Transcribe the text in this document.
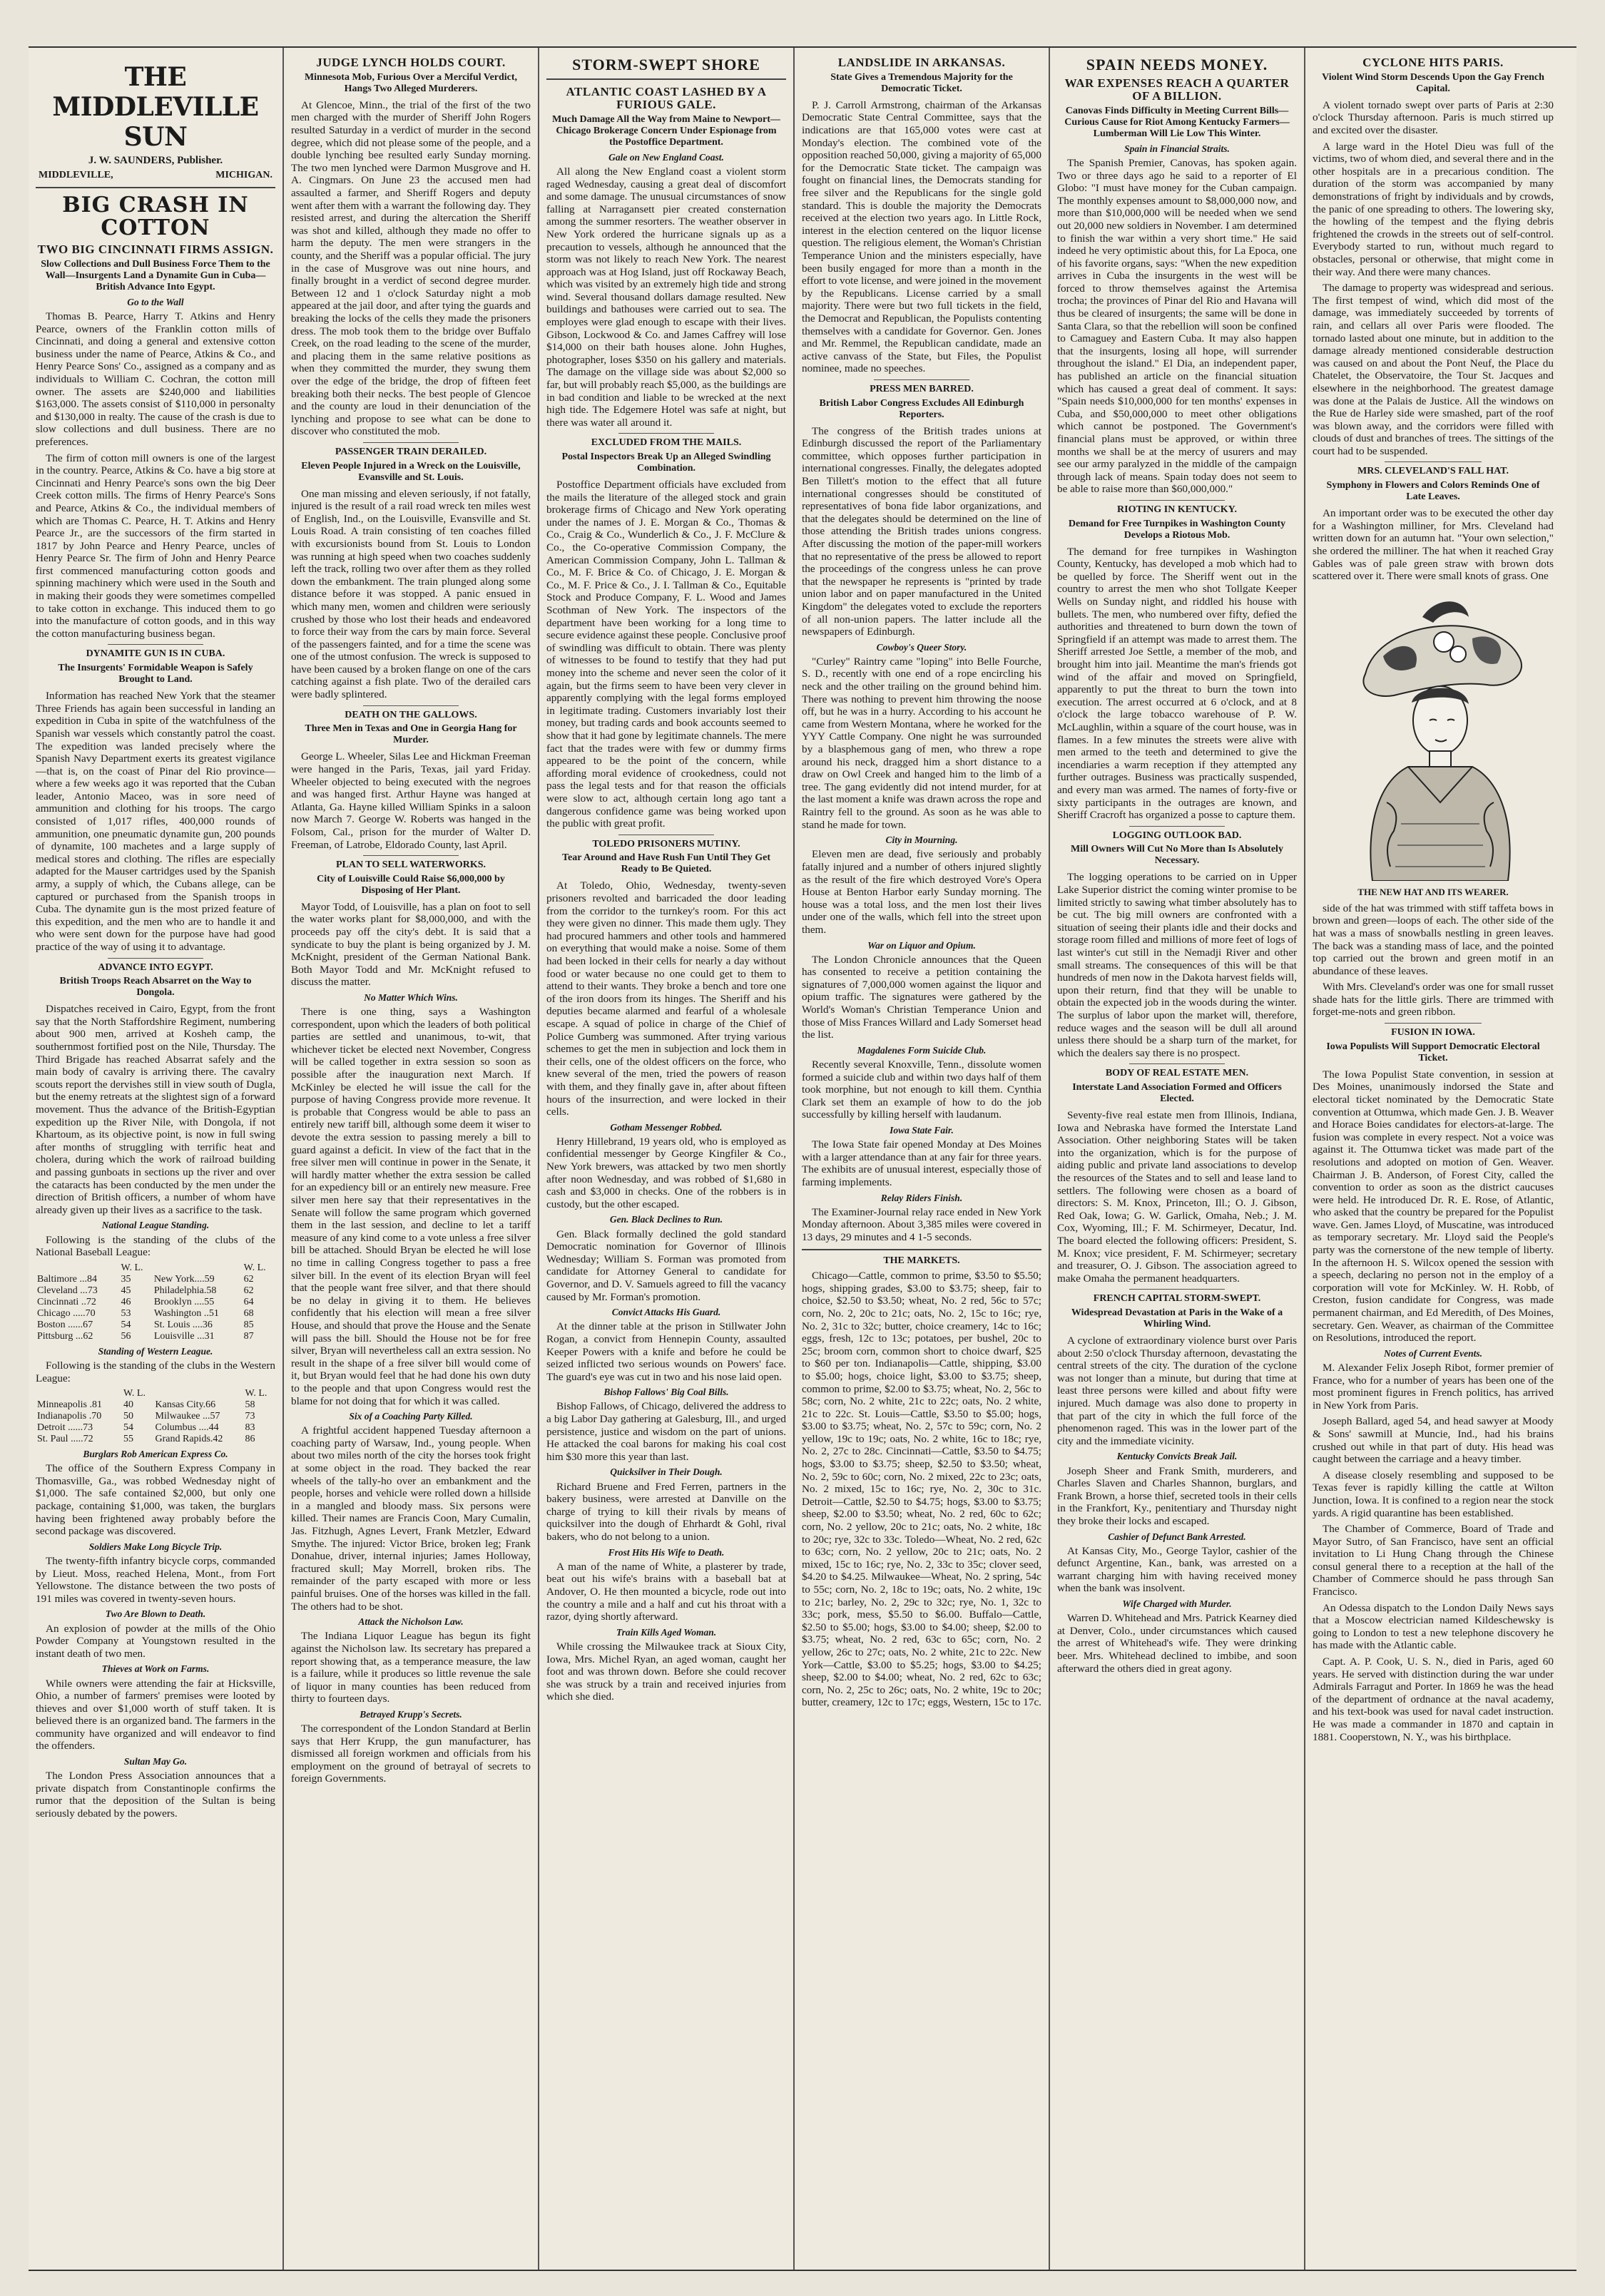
THE MIDDLEVILLE SUN
J. W. SAUNDERS, Publisher.
MIDDLEVILLE,	MICHIGAN.
BIG CRASH IN COTTON
TWO BIG CINCINNATI FIRMS ASSIGN.
Slow Collections and Dull Business Force Them to the Wall—Insurgents Land a Dynamite Gun in Cuba—British Advance Into Egypt.
Go to the Wall

Thomas B. Pearce, Harry T. Atkins and Henry Pearce, owners of the Franklin cotton mills of Cincinnati, and doing a general and extensive cotton business under the name of Pearce, Atkins & Co., and Henry Pearce Sons' Co., assigned as a company and as individuals to William C. Cochran, the cotton mill owner. The assets are $240,000 and liabilities $163,000. The assets consist of $110,000 in personalty and $130,000 in realty. The cause of the crash is due to slow collections and dull business. There are no preferences.

The firm of cotton mill owners is one of the largest in the country. Pearce, Atkins & Co. have a big store at Cincinnati and Henry Pearce's sons own the big Deer Creek cotton mills. The firms of Henry Pearce's Sons and Pearce, Atkins & Co., the individual members of which are Thomas C. Pearce, H. T. Atkins and Henry Pearce Jr., are the successors of the firm started in 1817 by John Pearce and Henry Pearce, uncles of Henry Pearce Sr. The firm of John and Henry Pearce first commenced manufacturing cotton goods and spinning machinery which were used in the South and in making their goods they were sometimes compelled to take cotton in exchange. This induced them to go into the manufacture of cotton goods, and in this way the cotton manufacturing business began.

DYNAMITE GUN IS IN CUBA.
The Insurgents' Formidable Weapon is Safely Brought to Land.

Information has reached New York that the steamer Three Friends has again been successful in landing an expedition in Cuba in spite of the watchfulness of the Spanish war vessels which constantly patrol the coast. The expedition was landed precisely where the Spanish Navy Department exerts its greatest vigilance—that is, on the coast of Pinar del Rio province—where a few weeks ago it was reported that the Cuban leader, Antonio Maceo, was in sore need of ammunition and clothing for his troops. The cargo consisted of 1,017 rifles, 400,000 rounds of ammunition, one pneumatic dynamite gun, 200 pounds of dynamite, 100 machetes and a large supply of medical stores and clothing. The rifles are especially adapted for the Mauser cartridges used by the Spanish army, a supply of which, the Cubans allege, can be captured or purchased from the Spanish troops in Cuba. The dynamite gun is the most prized feature of this expedition, and the men who are to handle it and who were sent down for the purpose have had good practice of the way of using it to advantage.

ADVANCE INTO EGYPT.
British Troops Reach Absarret on the Way to Dongola.

Dispatches received in Cairo, Egypt, from the front say that the North Staffordshire Regiment, numbering about 900 men, arrived at Kosheh camp, the southernmost fortified post on the Nile, Thursday. The Third Brigade has reached Absarrat safely and the main body of cavalry is arriving there. The cavalry scouts report the dervishes still in view south of Dugla, but the enemy retreats at the slightest sign of a forward movement. Thus the advance of the British-Egyptian expedition up the River Nile, with Dongola, if not Khartoum, as its objective point, is now in full swing after months of struggling with terrific heat and cholera, during which the work of railroad building and passing gunboats in sections up the river and over the cataracts has been conducted by the men under the direction of British officers, a number of whom have already given up their lives as a sacrifice to the task.

National League Standing.

Following is the standing of the clubs of the National Baseball League:

	W. L.		W. L.
Baltimore ...84	35	New York....59	62
Cleveland ...73	45	Philadelphia.58	62
Cincinnati ..72	46	Brooklyn ....55	64
Chicago .....70	53	Washington ..51	68
Boston ......67	54	St. Louis ....36	85
Pittsburg ...62	56	Louisville ...31	87
Standing of Western League.

Following is the standing of the clubs in the Western League:

	W. L.		W. L.
Minneapolis .81	40	Kansas City.66	58
Indianapolis .70	50	Milwaukee ...57	73
Detroit ......73	54	Columbus ....44	83
St. Paul .....72	55	Grand Rapids.42	86
Burglars Rob American Express Co.

The office of the Southern Express Company in Thomasville, Ga., was robbed Wednesday night of $1,000. The safe contained $2,000, but only one package, containing $1,000, was taken, the burglars having been frightened away probably before the second package was discovered.

Soldiers Make Long Bicycle Trip.

The twenty-fifth infantry bicycle corps, commanded by Lieut. Moss, reached Helena, Mont., from Fort Yellowstone. The distance between the two posts of 191 miles was covered in twenty-seven hours.

Two Are Blown to Death.

An explosion of powder at the mills of the Ohio Powder Company at Youngstown resulted in the instant death of two men.

Thieves at Work on Farms.

While owners were attending the fair at Hicksville, Ohio, a number of farmers' premises were looted by thieves and over $1,000 worth of stuff taken. It is believed there is an organized band. The farmers in the community have organized and will endeavor to find the offenders.

Sultan May Go.

The London Press Association announces that a private dispatch from Constantinople confirms the rumor that the deposition of the Sultan is being seriously debated by the powers.

JUDGE LYNCH HOLDS COURT.
Minnesota Mob, Furious Over a Merciful Verdict, Hangs Two Alleged Murderers.

At Glencoe, Minn., the trial of the first of the two men charged with the murder of Sheriff John Rogers resulted Saturday in a verdict of murder in the second degree, which did not please some of the people, and a double lynching bee resulted early Sunday morning. The two men lynched were Darmon Musgrove and H. A. Cingmars. On June 23 the accused men had assaulted a farmer, and Sheriff Rogers and deputy went after them with a warrant the following day. They resisted arrest, and during the altercation the Sheriff was shot and killed, although they made no offer to harm the deputy. The men were strangers in the county, and the Sheriff was a popular official. The jury in the case of Musgrove was out nine hours, and finally brought in a verdict of second degree murder. Between 12 and 1 o'clock Saturday night a mob appeared at the jail door, and after tying the guards and breaking the locks of the cells they made the prisoners dress. The mob took them to the bridge over Buffalo Creek, on the road leading to the scene of the murder, and placing them in the same relative positions as when they committed the murder, they swung them over the edge of the bridge, the drop of fifteen feet breaking both their necks. The best people of Glencoe and the county are loud in their denunciation of the lynching and propose to see what can be done to discover who constituted the mob.

PASSENGER TRAIN DERAILED.
Eleven People Injured in a Wreck on the Louisville, Evansville and St. Louis.

One man missing and eleven seriously, if not fatally, injured is the result of a rail road wreck ten miles west of English, Ind., on the Louisville, Evansville and St. Louis Road. A train consisting of ten coaches filled with excursionists bound from St. Louis to London was running at high speed when two coaches suddenly left the track, rolling two over after them as they rolled down the embankment. The train plunged along some distance before it was stopped. A panic ensued in which many men, women and children were seriously crushed by those who lost their heads and endeavored to force their way from the cars by main force. Several of the passengers fainted, and for a time the scene was one of the utmost confusion. The wreck is supposed to have been caused by a broken flange on one of the cars catching against a fish plate. Two of the derailed cars were badly splintered.

DEATH ON THE GALLOWS.
Three Men in Texas and One in Georgia Hang for Murder.

George L. Wheeler, Silas Lee and Hickman Freeman were hanged in the Paris, Texas, jail yard Friday. Wheeler objected to being executed with the negroes and was hanged first. Arthur Hayne was hanged at Atlanta, Ga. Hayne killed William Spinks in a saloon now March 7. George W. Roberts was hanged in the Folsom, Cal., prison for the murder of Walter D. Freeman, of Latrobe, Eldorado County, last April.

PLAN TO SELL WATERWORKS.
City of Louisville Could Raise $6,000,000 by Disposing of Her Plant.

Mayor Todd, of Louisville, has a plan on foot to sell the water works plant for $8,000,000, and with the proceeds pay off the city's debt. It is said that a syndicate to buy the plant is being organized by J. M. McKnight, president of the German National Bank. Both Mayor Todd and Mr. McKnight refused to discuss the matter.

No Matter Which Wins.

There is one thing, says a Washington correspondent, upon which the leaders of both political parties are settled and unanimous, to-wit, that whichever ticket be elected next November, Congress will be called together in extra session so soon as possible after the inauguration next March. If McKinley be elected he will issue the call for the purpose of having Congress provide more revenue. It is probable that Congress would be able to pass an entirely new tariff bill, although some deem it wiser to devote the extra session to passing merely a bill to guard against a deficit. In view of the fact that in the free silver men will continue in power in the Senate, it will hardly matter whether the extra session be called for an expediency bill or an entirely new measure. Free silver men here say that their representatives in the Senate will follow the same program which governed them in the last session, and decline to let a tariff measure of any kind come to a vote unless a free silver bill be attached. Should Bryan be elected he will lose no time in calling Congress together to pass a free silver bill. In the event of its election Bryan will feel that the people want free silver, and that there should be no delay in giving it to them. He believes confidently that his election will mean a free silver House, and should that prove the House and the Senate will pass the bill. Should the House not be for free silver, Bryan will nevertheless call an extra session. No result in the shape of a free silver bill would come of it, but Bryan would feel that he had done his own duty to the people and that upon Congress would rest the blame for not doing that for which it was called.

Six of a Coaching Party Killed.

A frightful accident happened Tuesday afternoon a coaching party of Warsaw, Ind., young people. When about two miles north of the city the horses took fright at some object in the road. They backed the rear wheels of the tally-ho over an embankment and the people, horses and vehicle were rolled down a hillside in a mangled and bloody mass. Six persons were killed. Their names are Francis Coon, Mary Cumalin, Jas. Fitzhugh, Agnes Levert, Frank Metzler, Edward Smythe. The injured: Victor Brice, broken leg; Frank Donahue, driver, internal injuries; James Holloway, fractured skull; May Morrell, broken ribs. The remainder of the party escaped with more or less painful bruises. One of the horses was killed in the fall. The others had to be shot.

Attack the Nicholson Law.

The Indiana Liquor League has begun its fight against the Nicholson law. Its secretary has prepared a report showing that, as a temperance measure, the law is a failure, while it produces so little revenue the sale of liquor in many counties has been reduced from thirty to fourteen days.

Betrayed Krupp's Secrets.

The correspondent of the London Standard at Berlin says that Herr Krupp, the gun manufacturer, has dismissed all foreign workmen and officials from his employment on the ground of betrayal of secrets to foreign Governments.

STORM-SWEPT SHORE
ATLANTIC COAST LASHED BY A FURIOUS GALE.
Much Damage All the Way from Maine to Newport—Chicago Brokerage Concern Under Espionage from the Postoffice Department.
Gale on New England Coast.

All along the New England coast a violent storm raged Wednesday, causing a great deal of discomfort and some damage. The unusual circumstances of snow falling at Narragansett pier created consternation among the summer resorters. The weather observer in New York ordered the hurricane signals up as a precaution to vessels, although he announced that the storm was not likely to reach New York. The nearest approach was at Hog Island, just off Rockaway Beach, which was visited by an extremely high tide and strong wind. Several thousand dollars damage resulted. New buildings and bathouses were carried out to sea. The employes were glad enough to escape with their lives. Gibson, Lockwood & Co. and James Caffrey will lose $14,000 on their bath houses alone. John Hughes, photographer, loses $350 on his gallery and materials. The damage on the village side was about $2,000 so far, but will probably reach $5,000, as the buildings are in bad condition and liable to be wrecked at the next high tide. The Edgemere Hotel was safe at night, but there was water all around it.

EXCLUDED FROM THE MAILS.
Postal Inspectors Break Up an Alleged Swindling Combination.

Postoffice Department officials have excluded from the mails the literature of the alleged stock and grain brokerage firms of Chicago and New York operating under the names of J. E. Morgan & Co., Thomas & Co., Craig & Co., Wunderlich & Co., J. F. McClure & Co., the Co-operative Commission Company, the American Commission Company, John L. Tallman & Co., M. F. Brice & Co. of Chicago, J. E. Morgan & Co., M. F. Price & Co., J. I. Tallman & Co., Equitable Stock and Produce Company, F. L. Wood and James Scothman of New York. The inspectors of the department have been working for a long time to secure evidence against these people. Conclusive proof of swindling was difficult to obtain. There was plenty of witnesses to be found to testify that they had put money into the scheme and never seen the color of it again, but the firms seem to have been very clever in apparently complying with the legal forms employed in legitimate trading. Customers invariably lost their money, but trading cards and book accounts seemed to show that it had gone by legitimate channels. The mere fact that the trades were with few or dummy firms appeared to be the point of the concern, while affording moral evidence of crookedness, could not pass the legal tests and for that reason the officials were slow to act, although certain long ago tant a dangerous confidence game was being worked upon the public with great profit.

TOLEDO PRISONERS MUTINY.
Tear Around and Have Rush Fun Until They Get Ready to Be Quieted.

At Toledo, Ohio, Wednesday, twenty-seven prisoners revolted and barricaded the door leading from the corridor to the turnkey's room. For this act they were given no dinner. This made them ugly. They had procured hammers and other tools and hammered on everything that would make a noise. Some of them had been locked in their cells for nearly a day without food or water because no one could get to them to attend to their wants. They broke a bench and tore one of the iron doors from its hinges. The Sheriff and his deputies became alarmed and fearful of a wholesale escape. A squad of police in charge of the Chief of Police Gumberg was summoned. After trying various schemes to get the men in subjection and lock them in their cells, one of the oldest officers on the force, who knew several of the men, tried the powers of reason with them, and they finally gave in, after about fifteen hours of the insurrection, and were locked in their cells.

Gotham Messenger Robbed.

Henry Hillebrand, 19 years old, who is employed as confidential messenger by George Kingfiler & Co., New York brewers, was attacked by two men shortly after noon Wednesday, and was robbed of $1,680 in cash and $3,000 in checks. One of the robbers is in custody, but the other escaped.

Gen. Black Declines to Run.

Gen. Black formally declined the gold standard Democratic nomination for Governor of Illinois Wednesday; William S. Forman was promoted from candidate for Attorney General to candidate for Governor, and D. V. Samuels agreed to fill the vacancy caused by Mr. Forman's promotion.

Convict Attacks His Guard.

At the dinner table at the prison in Stillwater John Rogan, a convict from Hennepin County, assaulted Keeper Powers with a knife and before he could be seized inflicted two serious wounds on Powers' face. The guard's eye was cut in two and his nose laid open.

Bishop Fallows' Big Coal Bills.

Bishop Fallows, of Chicago, delivered the address to a big Labor Day gathering at Galesburg, Ill., and urged persistence, justice and wisdom on the part of unions. He attacked the coal barons for making his coal cost him $30 more this year than last.

Quicksilver in Their Dough.

Richard Bruene and Fred Ferren, partners in the bakery business, were arrested at Danville on the charge of trying to kill their rivals by means of quicksilver into the dough of Ehrhardt & Gohl, rival bakers, who do not belong to a union.

Frost Hits His Wife to Death.

A man of the name of White, a plasterer by trade, beat out his wife's brains with a baseball bat at Andover, O. He then mounted a bicycle, rode out into the country a mile and a half and cut his throat with a razor, dying shortly afterward.

Train Kills Aged Woman.

While crossing the Milwaukee track at Sioux City, Iowa, Mrs. Michel Ryan, an aged woman, caught her foot and was thrown down. Before she could recover she was struck by a train and received injuries from which she died.

LANDSLIDE IN ARKANSAS.
State Gives a Tremendous Majority for the Democratic Ticket.

P. J. Carroll Armstrong, chairman of the Arkansas Democratic State Central Committee, says that the indications are that 165,000 votes were cast at Monday's election. The combined vote of the opposition reached 50,000, giving a majority of 65,000 for the Democratic State ticket. The campaign was fought on financial lines, the Democrats standing for free silver and the Republicans for the single gold standard. This is double the majority the Democrats received at the election two years ago. In Little Rock, interest in the election centered on the liquor license question. The religious element, the Woman's Christian Temperance Union and the ministers especially, have been busily engaged for more than a month in the effort to vote license, and were joined in the movement by the Republicans. License carried by a small majority. There were but two full tickets in the field, the Democrat and Republican, the Populists contenting themselves with a candidate for Governor. Gen. Jones and Mr. Remmel, the Republican candidate, made an active canvass of the State, but Files, the Populist nominee, made no speeches.

PRESS MEN BARRED.
British Labor Congress Excludes All Edinburgh Reporters.

The congress of the British trades unions at Edinburgh discussed the report of the Parliamentary committee, which opposes further participation in international congresses. Finally, the delegates adopted Ben Tillett's motion to the effect that all future international congresses should be constituted of representatives of bona fide labor organizations, and that the delegates should be determined on the line of those attending the British trades unions congress. After discussing the motion of the paper-mill workers that no representative of the press be allowed to report the proceedings of the congress unless he can prove that the newspaper he represents is "printed by trade union labor and on paper manufactured in the United Kingdom" the delegates voted to exclude the reporters of all non-union papers. The latter include all the newspapers of Edinburgh.

Cowboy's Queer Story.

"Curley" Raintry came "loping" into Belle Fourche, S. D., recently with one end of a rope encircling his neck and the other trailing on the ground behind him. There was nothing to prevent him throwing the noose off, but he was in a hurry. According to his account he came from Western Montana, where he worked for the YYY Cattle Company. One night he was surrounded by a blasphemous gang of men, who threw a rope around his neck, dragged him a short distance to a draw on Owl Creek and hanged him to the limb of a tree. The gang evidently did not intend murder, for at the last moment a knife was drawn across the rope and Raintry fell to the ground. As soon as he was able to stand he made for town.

City in Mourning.

Eleven men are dead, five seriously and probably fatally injured and a number of others injured slightly as the result of the fire which destroyed Vore's Opera House at Benton Harbor early Sunday morning. The house was a total loss, and the men lost their lives under one of the walls, which fell into the street upon them.

War on Liquor and Opium.

The London Chronicle announces that the Queen has consented to receive a petition containing the signatures of 7,000,000 women against the liquor and opium traffic. The signatures were gathered by the World's Woman's Christian Temperance Union and those of Miss Frances Willard and Lady Somerset head the list.

Magdalenes Form Suicide Club.

Recently several Knoxville, Tenn., dissolute women formed a suicide club and within two days half of them took morphine, but not enough to kill them. Cynthia Clark set them an example of how to do the job successfully by killing herself with laudanum.

Iowa State Fair.

The Iowa State fair opened Monday at Des Moines with a larger attendance than at any fair for three years. The exhibits are of unusual interest, especially those of farming implements.

Relay Riders Finish.

The Examiner-Journal relay race ended in New York Monday afternoon. About 3,385 miles were covered in 13 days, 29 minutes and 4 1-5 seconds.

THE MARKETS.

Chicago—Cattle, common to prime, $3.50 to $5.50; hogs, shipping grades, $3.00 to $3.75; sheep, fair to choice, $2.50 to $3.50; wheat, No. 2 red, 56c to 57c; corn, No. 2, 20c to 21c; oats, No. 2, 15c to 16c; rye, No. 2, 31c to 32c; butter, choice creamery, 14c to 16c; eggs, fresh, 12c to 13c; potatoes, per bushel, 20c to 25c; broom corn, common short to choice dwarf, $25 to $60 per ton. Indianapolis—Cattle, shipping, $3.00 to $5.00; hogs, choice light, $3.00 to $3.75; sheep, common to prime, $2.00 to $3.75; wheat, No. 2, 56c to 58c; corn, No. 2 white, 21c to 22c; oats, No. 2 white, 21c to 22c. St. Louis—Cattle, $3.50 to $5.00; hogs, $3.00 to $3.75; wheat, No. 2, 57c to 59c; corn, No. 2 yellow, 19c to 19c; oats, No. 2 white, 16c to 18c; rye, No. 2, 27c to 28c. Cincinnati—Cattle, $3.50 to $4.75; hogs, $3.00 to $3.75; sheep, $2.50 to $3.50; wheat, No. 2, 59c to 60c; corn, No. 2 mixed, 22c to 23c; oats, No. 2 mixed, 15c to 16c; rye, No. 2, 30c to 31c. Detroit—Cattle, $2.50 to $4.75; hogs, $3.00 to $3.75; sheep, $2.00 to $3.50; wheat, No. 2 red, 60c to 62c; corn, No. 2 yellow, 20c to 21c; oats, No. 2 white, 18c to 20c; rye, 32c to 33c. Toledo—Wheat, No. 2 red, 62c to 63c; corn, No. 2 yellow, 20c to 21c; oats, No. 2 mixed, 15c to 16c; rye, No. 2, 33c to 35c; clover seed, $4.20 to $4.25. Milwaukee—Wheat, No. 2 spring, 54c to 55c; corn, No. 2, 18c to 19c; oats, No. 2 white, 19c to 21c; barley, No. 2, 29c to 32c; rye, No. 1, 32c to 33c; pork, mess, $5.50 to $6.00. Buffalo—Cattle, $2.50 to $5.00; hogs, $3.00 to $4.00; sheep, $2.00 to $3.75; wheat, No. 2 red, 63c to 65c; corn, No. 2 yellow, 26c to 27c; oats, No. 2 white, 21c to 22c. New York—Cattle, $3.00 to $5.25; hogs, $3.00 to $4.25; sheep, $2.00 to $4.00; wheat, No. 2 red, 62c to 63c; corn, No. 2, 25c to 26c; oats, No. 2 white, 19c to 20c; butter, creamery, 12c to 17c; eggs, Western, 15c to 17c.

SPAIN NEEDS MONEY.
WAR EXPENSES REACH A QUARTER OF A BILLION.
Canovas Finds Difficulty in Meeting Current Bills—Curious Cause for Riot Among Kentucky Farmers—Lumberman Will Lie Low This Winter.
Spain in Financial Straits.

The Spanish Premier, Canovas, has spoken again. Two or three days ago he said to a reporter of El Globo: "I must have money for the Cuban campaign. The monthly expenses amount to $8,000,000 now, and more than $10,000,000 will be needed when we send out 20,000 new soldiers in November. I am determined to finish the war within a very short time." He said indeed he very optimistic about this, for La Epoca, one of his favorite organs, says: "When the new expedition arrives in Cuba the insurgents in the west will be forced to throw themselves against the Artemisa trocha; the provinces of Pinar del Rio and Havana will thus be cleared of insurgents; the same will be done in Santa Clara, so that the rebellion will soon be confined to Camaguey and Eastern Cuba. It may also happen that the insurgents, losing all hope, will surrender throughout the island." El Dia, an independent paper, has published an article on the financial situation which has caused a great deal of comment. It says: "Spain needs $10,000,000 for ten months' expenses in Cuba, and $50,000,000 to meet other obligations which cannot be postponed. The Government's financial plans must be approved, or within three months we shall be at the mercy of usurers and may see our army paralyzed in the middle of the campaign through lack of means. Spain today does not seem to be able to raise more than $60,000,000."

RIOTING IN KENTUCKY.
Demand for Free Turnpikes in Washington County Develops a Riotous Mob.

The demand for free turnpikes in Washington County, Kentucky, has developed a mob which had to be quelled by force. The Sheriff went out in the country to arrest the men who shot Tollgate Keeper Wells on Sunday night, and riddled his house with bullets. The men, who numbered over fifty, defied the authorities and threatened to burn down the town of Springfield if an attempt was made to arrest them. The Sheriff arrested Joe Settle, a member of the mob, and brought him into jail. Meantime the man's friends got wind of the affair and moved on Springfield, apparently to put the threat to burn the town into execution. The arrest occurred at 6 o'clock, and at 8 o'clock the large tobacco warehouse of P. W. McLaughlin, within a square of the court house, was in flames. In a few minutes the streets were alive with men armed to the teeth and determined to give the incendiaries a warm reception if they attempted any further outrages. Business was practically suspended, and every man was armed. The names of forty-five or sixty participants in the outrages are known, and Sheriff Cracroft has organized a posse to capture them.

LOGGING OUTLOOK BAD.
Mill Owners Will Cut No More than Is Absolutely Necessary.

The logging operations to be carried on in Upper Lake Superior district the coming winter promise to be limited strictly to sawing what timber absolutely has to be cut. The big mill owners are confronted with a situation of seeing their plants idle and their docks and storage room filled and millions of more feet of logs of last winter's cut still in the Nemadji River and other small streams. The consequences of this will be that hundreds of men now in the Dakota harvest fields will, upon their return, find that they will be unable to obtain the expected job in the woods during the winter. The surplus of labor upon the market will, therefore, reduce wages and the season will be dull all around unless there should be a sharp turn of the market, for which the dealers say there is no prospect.

BODY OF REAL ESTATE MEN.
Interstate Land Association Formed and Officers Elected.

Seventy-five real estate men from Illinois, Indiana, Iowa and Nebraska have formed the Interstate Land Association. Other neighboring States will be taken into the organization, which is for the purpose of aiding public and private land associations to develop the resources of the States and to sell and lease land to settlers. The following were chosen as a board of directors: S. M. Knox, Princeton, Ill.; O. J. Gibson, Red Oak, Iowa; G. W. Garlick, Omaha, Neb.; J. M. Cox, Wyoming, Ill.; F. M. Schirmeyer, Decatur, Ind. The board elected the following officers: President, S. M. Knox; vice president, F. M. Schirmeyer; secretary and treasurer, O. J. Gibson. The association agreed to make Omaha the permanent headquarters.

FRENCH CAPITAL STORM-SWEPT.
Widespread Devastation at Paris in the Wake of a Whirling Wind.

A cyclone of extraordinary violence burst over Paris about 2:50 o'clock Thursday afternoon, devastating the central streets of the city. The duration of the cyclone was not longer than a minute, but during that time at least three persons were killed and about fifty were injured. Much damage was also done to property in that part of the city in which the full force of the phenomenon raged. This was in the lower part of the city and the immediate vicinity.

Kentucky Convicts Break Jail.

Joseph Sheer and Frank Smith, murderers, and Charles Slaven and Charles Shannon, burglars, and Frank Brown, a horse thief, secreted tools in their cells in the Frankfort, Ky., penitentiary and Thursday night they broke their locks and escaped.

Cashier of Defunct Bank Arrested.

At Kansas City, Mo., George Taylor, cashier of the defunct Argentine, Kan., bank, was arrested on a warrant charging him with having received money when the bank was insolvent.

Wife Charged with Murder.

Warren D. Whitehead and Mrs. Patrick Kearney died at Denver, Colo., under circumstances which caused the arrest of Whitehead's wife. They were drinking beer. Mrs. Whitehead declined to imbibe, and soon afterward the others died in great agony.

CYCLONE HITS PARIS.
Violent Wind Storm Descends Upon the Gay French Capital.

A violent tornado swept over parts of Paris at 2:30 o'clock Thursday afternoon. Paris is much stirred up and excited over the disaster.

A large ward in the Hotel Dieu was full of the victims, two of whom died, and several there and in the other hospitals are in a precarious condition. The duration of the storm was accompanied by many demonstrations of fright by individuals and by crowds, the panic of one spreading to others. The lowering sky, the howling of the tempest and the flying debris frightened the crowds in the streets out of self-control. Everybody started to run, without much regard to obstacles, personal or otherwise, that might come in their way. And there were many chances.

The damage to property was widespread and serious. The first tempest of wind, which did most of the damage, was immediately succeeded by torrents of rain, and cellars all over Paris were flooded. The tornado lasted about one minute, but in addition to the damage already mentioned considerable destruction was caused on and about the Pont Neuf, the Place du Chatelet, the Observatoire, the Tour St. Jacques and elsewhere in the neighborhood. The greatest damage was done at the Palais de Justice. All the windows on the Rue de Harley side were smashed, part of the roof was blown away, and the corridors were filled with clouds of dust and branches of trees. The sittings of the court had to be suspended.

MRS. CLEVELAND'S FALL HAT.
Symphony in Flowers and Colors Reminds One of Late Leaves.

An important order was to be executed the other day for a Washington milliner, for Mrs. Cleveland had written down for an autumn hat. "Your own selection," she ordered the milliner. The hat when it reached Gray Gables was of pale green straw with brown dots scattered over it. There were small knots of grass. One

THE NEW HAT AND ITS WEARER.

side of the hat was trimmed with stiff taffeta bows in brown and green—loops of each. The other side of the hat was a mass of snowballs nestling in green leaves. The back was a standing mass of lace, and the pointed top carried out the brown and green motif in an abundance of these leaves.

With Mrs. Cleveland's order was one for small russet shade hats for the little girls. There are trimmed with forget-me-nots and green ribbon.

FUSION IN IOWA.
Iowa Populists Will Support Democratic Electoral Ticket.

The Iowa Populist State convention, in session at Des Moines, unanimously indorsed the State and electoral ticket nominated by the Democratic State convention at Ottumwa, which made Gen. J. B. Weaver and Horace Boies candidates for electors-at-large. The fusion was complete in every respect. Not a voice was against it. The Ottumwa ticket was made part of the resolutions and adopted on motion of Gen. Weaver. Chairman J. B. Anderson, of Forest City, called the convention to order as soon as the district caucuses were held. He introduced Dr. R. E. Rose, of Atlantic, who asked that the country be prepared for the Populist wave. Gen. James Lloyd, of Muscatine, was introduced as temporary secretary. Mr. Lloyd said the People's party was the cornerstone of the new temple of liberty. In the afternoon H. S. Wilcox opened the session with a speech, declaring no person not in the employ of a corporation will vote for McKinley. W. H. Robb, of Creston, fusion candidate for Congress, was made permanent chairman, and Ed Meredith, of Des Moines, secretary. Gen. Weaver, as chairman of the Committee on Resolutions, introduced the report.

Notes of Current Events.

M. Alexander Felix Joseph Ribot, former premier of France, who for a number of years has been one of the most prominent figures in French politics, has arrived in New York from Paris.

Joseph Ballard, aged 54, and head sawyer at Moody & Sons' sawmill at Muncie, Ind., had his brains crushed out while in that part of duty. His head was caught between the carriage and a heavy timber.

A disease closely resembling and supposed to be Texas fever is rapidly killing the cattle at Wilton Junction, Iowa. It is confined to a region near the stock yards. A rigid quarantine has been established.

The Chamber of Commerce, Board of Trade and Mayor Sutro, of San Francisco, have sent an official invitation to Li Hung Chang through the Chinese consul general there to a reception at the hall of the Chamber of Commerce should he pass through San Francisco.

An Odessa dispatch to the London Daily News says that a Moscow electrician named Kildeschewsky is going to London to test a new telephone discovery he has made with the Atlantic cable.

Capt. A. P. Cook, U. S. N., died in Paris, aged 60 years. He served with distinction during the war under Admirals Farragut and Porter. In 1869 he was the head of the department of ordnance at the naval academy, and his text-book was used for naval cadet instruction. He was made a commander in 1870 and captain in 1881. Cooperstown, N. Y., was his birthplace.
